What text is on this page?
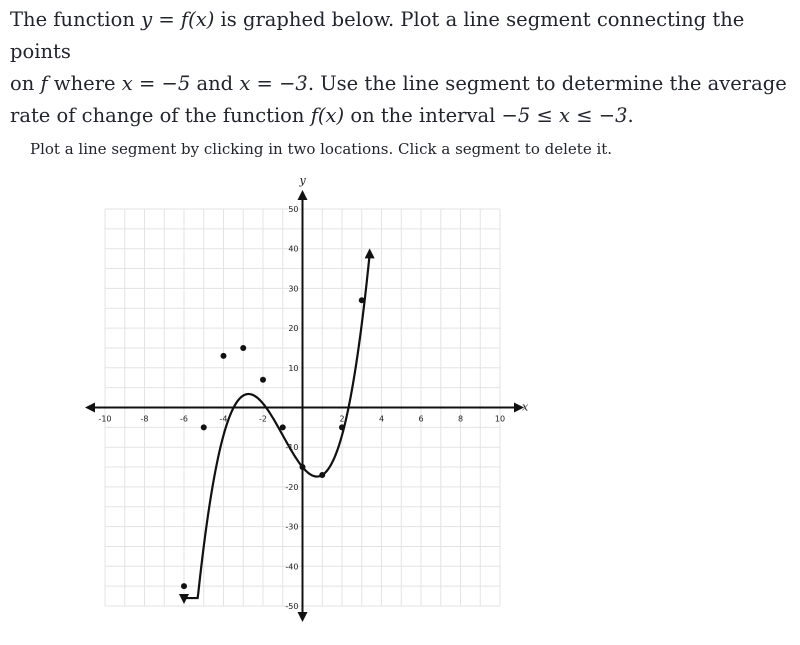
The function y = f(x) is graphed below. Plot a line segment connecting the points
on f where x = −5 and x = −3. Use the line segment to determine the average
rate of change of the function f(x) on the interval −5 ≤ x ≤ −3.
Plot a line segment by clicking in two locations. Click a segment to delete it.
x
y
-10	-8	-6	-4	-2	2	4	6	8	10
50
40
30
20
10
-10
-20
-30
-40
-50
